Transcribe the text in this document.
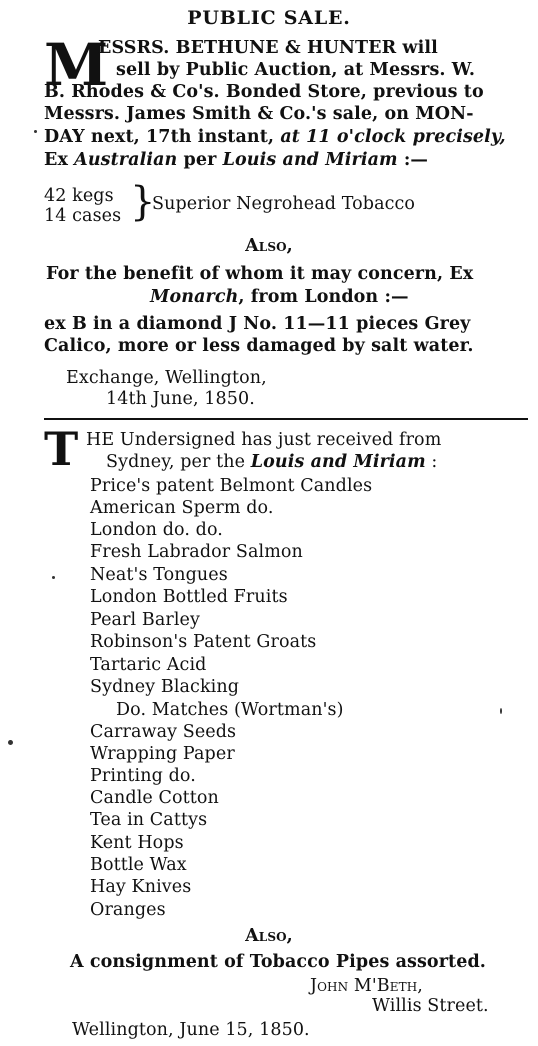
PUBLIC SALE.
M
ESSRS. BETHUNE & HUNTER will
sell by Public Auction, at Messrs. W.
B. Rhodes & Co's. Bonded Store, previous to
Messrs. James Smith & Co.'s sale, on MON-
DAY next, 17th instant, at 11 o'clock precisely,
Ex Australian per Louis and Miriam :—
42 kegs
14 cases }
Superior Negrohead Tobacco
Also,
For the benefit of whom it may concern, Ex
Monarch, from London :—
ex B in a diamond J No. 11—11 pieces Grey
Calico, more or less damaged by salt water.
Exchange, Wellington,
14th June, 1850.
T HE Undersigned has just received from
Sydney, per the Louis and Miriam :
Price's patent Belmont Candles
American Sperm do.
London do. do.
Fresh Labrador Salmon
Neat's Tongues
London Bottled Fruits
Pearl Barley
Robinson's Patent Groats
Tartaric Acid
Sydney Blacking
Do. Matches (Wortman's)
Carraway Seeds
Wrapping Paper
Printing do.
Candle Cotton
Tea in Cattys
Kent Hops
Bottle Wax
Hay Knives
Oranges
Also,
A consignment of Tobacco Pipes assorted.
John M'Beth,
Willis Street.
Wellington, June 15, 1850.
